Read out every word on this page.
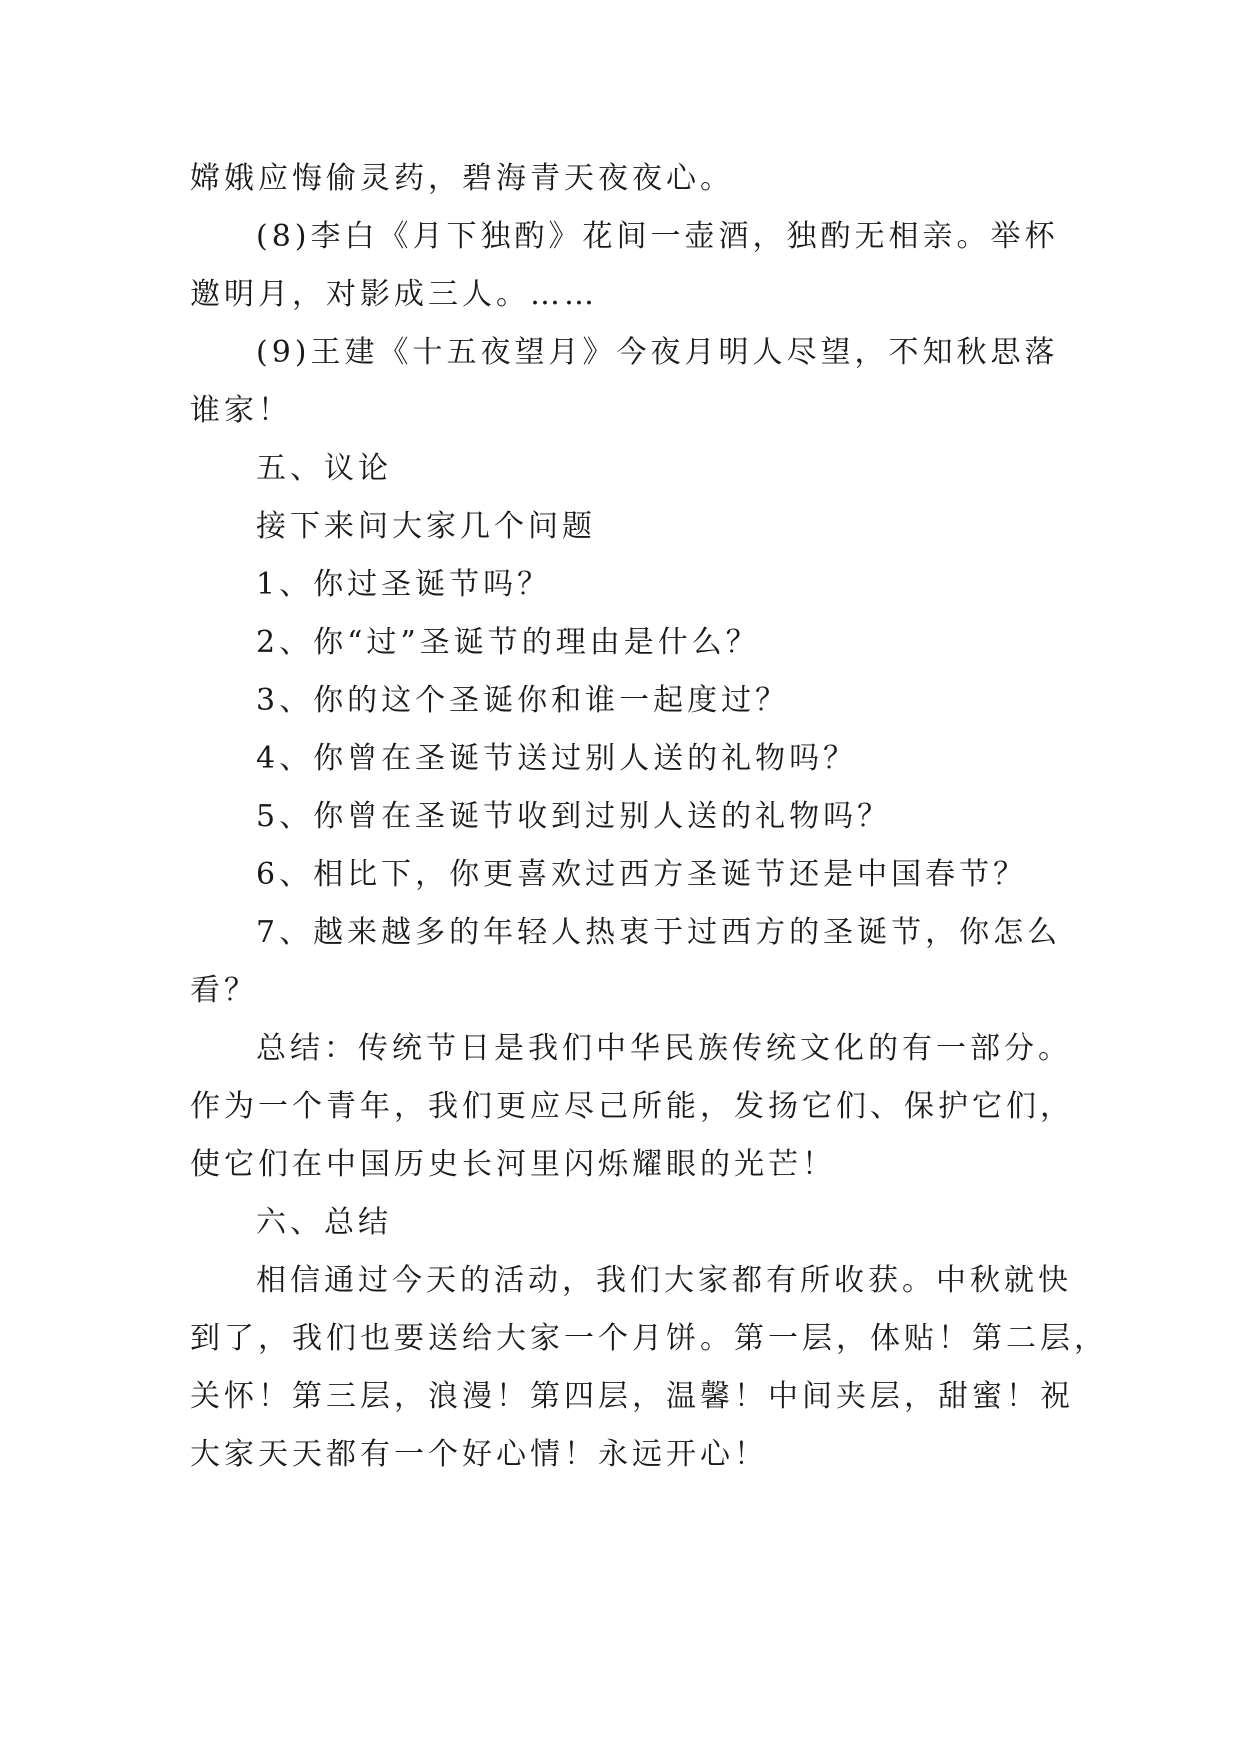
嫦娥应悔偷灵药，碧海青天夜夜心。
(8)李白《月下独酌》花间一壶酒，独酌无相亲。举杯
邀明月，对影成三人。……
(9)王建《十五夜望月》今夜月明人尽望，不知秋思落
谁家！
五、议论
接下来问大家几个问题
1、你过圣诞节吗？
2、你“过”圣诞节的理由是什么？
3、你的这个圣诞你和谁一起度过？
4、你曾在圣诞节送过别人送的礼物吗？
5、你曾在圣诞节收到过别人送的礼物吗？
6、相比下，你更喜欢过西方圣诞节还是中国春节？
7、越来越多的年轻人热衷于过西方的圣诞节，你怎么
看？
总结：传统节日是我们中华民族传统文化的有一部分。
作为一个青年，我们更应尽己所能，发扬它们、保护它们，
使它们在中国历史长河里闪烁耀眼的光芒！
六、总结
相信通过今天的活动，我们大家都有所收获。中秋就快
到了，我们也要送给大家一个月饼。第一层，体贴！第二层，
关怀！第三层，浪漫！第四层，温馨！中间夹层，甜蜜！祝
大家天天都有一个好心情！永远开心！
